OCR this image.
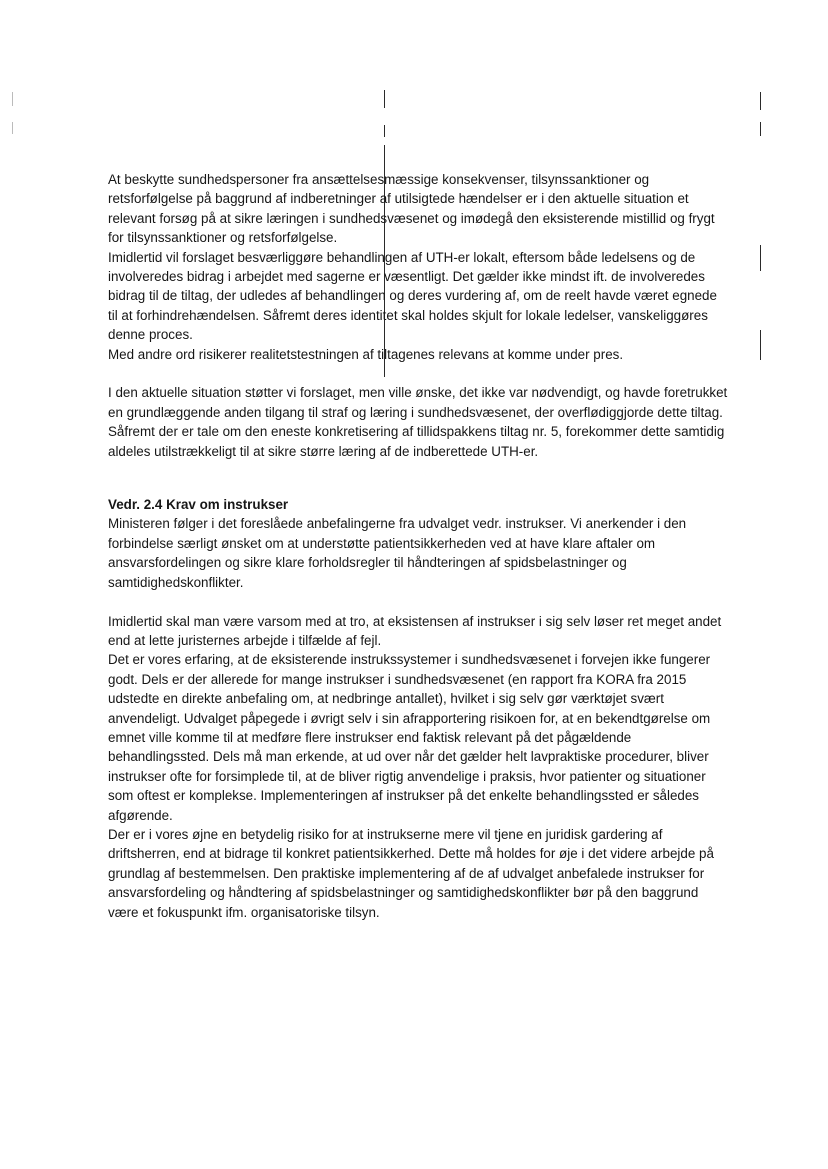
At beskytte sundhedspersoner fra ansættelsesmæssige konsekvenser, tilsynssanktioner og retsforfølgelse på baggrund af indberetninger af utilsigtede hændelser er i den aktuelle situation et relevant forsøg på at sikre læringen i sundhedsvæsenet og imødegå den eksisterende mistillid og frygt for tilsynssanktioner og retsforfølgelse.

Imidlertid vil forslaget besværliggøre behandlingen af UTH-er lokalt, eftersom både ledelsens og de involveredes bidrag i arbejdet med sagerne er væsentligt. Det gælder ikke mindst ift. de involveredes bidrag til de tiltag, der udledes af behandlingen og deres vurdering af, om de reelt havde været egnede til at forhindrehændelsen. Såfremt deres identitet skal holdes skjult for lokale ledelser, vanskeliggøres denne proces.

Med andre ord risikerer realitetstestningen af tiltagenes relevans at komme under pres.

I den aktuelle situation støtter vi forslaget, men ville ønske, det ikke var nødvendigt, og havde foretrukket en grundlæggende anden tilgang til straf og læring i sundhedsvæsenet, der overflødiggjorde dette tiltag. Såfremt der er tale om den eneste konkretisering af tillidspakkens tiltag nr. 5, forekommer dette samtidig aldeles utilstrækkeligt til at sikre større læring af de indberettede UTH-er.

Vedr. 2.4 Krav om instrukser

Ministeren følger i det foreslåede anbefalingerne fra udvalget vedr. instrukser. Vi anerkender i den forbindelse særligt ønsket om at understøtte patientsikkerheden ved at have klare aftaler om ansvarsfordelingen og sikre klare forholdsregler til håndteringen af spidsbelastninger og samtidighedskonflikter.

Imidlertid skal man være varsom med at tro, at eksistensen af instrukser i sig selv løser ret meget andet end at lette juristernes arbejde i tilfælde af fejl.

Det er vores erfaring, at de eksisterende instrukssystemer i sundhedsvæsenet i forvejen ikke fungerer godt. Dels er der allerede for mange instrukser i sundhedsvæsenet (en rapport fra KORA fra 2015 udstedte en direkte anbefaling om, at nedbringe antallet), hvilket i sig selv gør værktøjet svært anvendeligt. Udvalget påpegede i øvrigt selv i sin afrapportering risikoen for, at en bekendtgørelse om emnet ville komme til at medføre flere instrukser end faktisk relevant på det pågældende behandlingssted. Dels må man erkende, at ud over når det gælder helt lavpraktiske procedurer, bliver instrukser ofte for forsimplede til, at de bliver rigtig anvendelige i praksis, hvor patienter og situationer som oftest er komplekse. Implementeringen af instrukser på det enkelte behandlingssted er således afgørende.

Der er i vores øjne en betydelig risiko for at instrukserne mere vil tjene en juridisk gardering af driftsherren, end at bidrage til konkret patientsikkerhed. Dette må holdes for øje i det videre arbejde på grundlag af bestemmelsen. Den praktiske implementering af de af udvalget anbefalede instrukser for ansvarsfordeling og håndtering af spidsbelastninger og samtidighedskonflikter bør på den baggrund være et fokuspunkt ifm. organisatoriske tilsyn.
